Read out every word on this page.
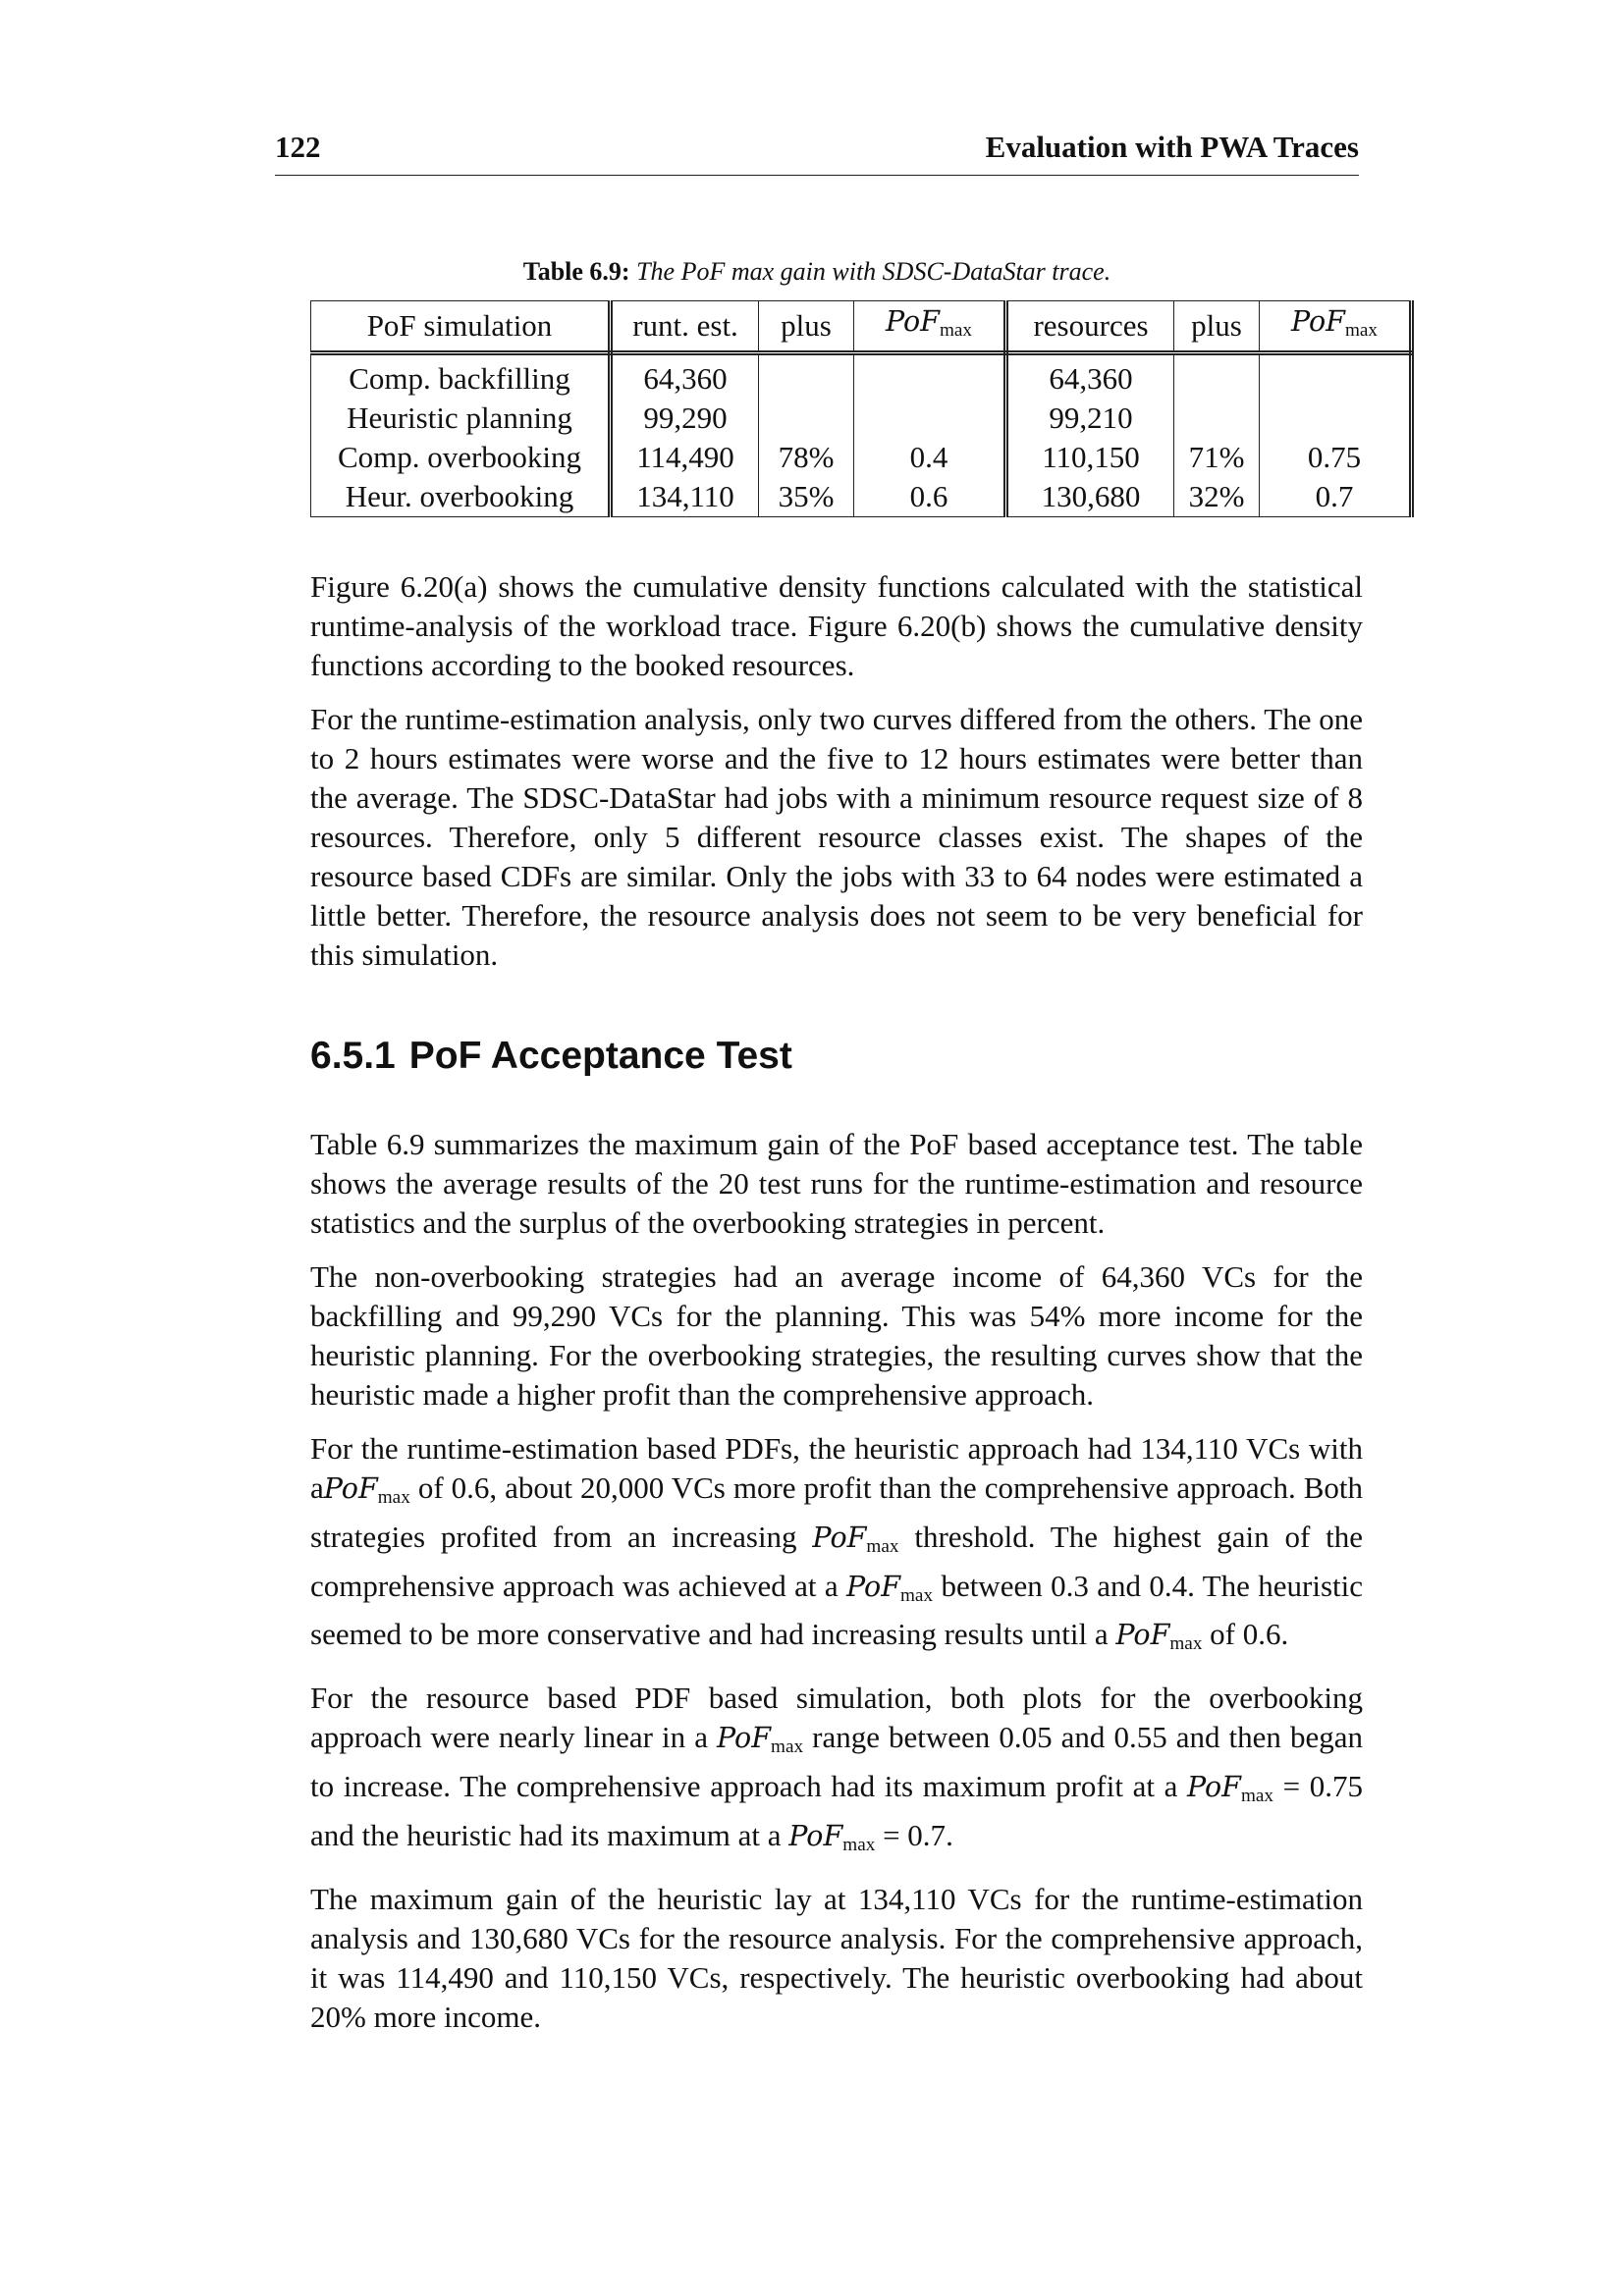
122	Evaluation with PWA Traces
Table 6.9: The PoF max gain with SDSC-DataStar trace.
PoF simulation	runt. est.	plus	PoF$_{max}$	resources	plus	PoF$_{max}$
Comp. backfilling	64,360			64,360		
Heuristic planning	99,290			99,210		
Comp. overbooking	114,490	78%	0.4	110,150	71%	0.75
Heur. overbooking	134,110	35%	0.6	130,680	32%	0.7

Figure 6.20(a) shows the cumulative density functions calculated with the statistical runtime-analysis of the workload trace. Figure 6.20(b) shows the cumulative density functions according to the booked resources.

For the runtime-estimation analysis, only two curves differed from the others. The one to 2 hours estimates were worse and the five to 12 hours estimates were better than the average. The SDSC-DataStar had jobs with a minimum resource request size of 8 resources. Therefore, only 5 different resource classes exist. The shapes of the resource based CDFs are similar. Only the jobs with 33 to 64 nodes were estimated a little better. Therefore, the resource analysis does not seem to be very beneficial for this simulation.

6.5.1 PoF Acceptance Test

Table 6.9 summarizes the maximum gain of the PoF based acceptance test. The table shows the average results of the 20 test runs for the runtime-estimation and resource statistics and the surplus of the overbooking strategies in percent.

The non-overbooking strategies had an average income of 64,360 VCs for the backfilling and 99,290 VCs for the planning. This was 54% more income for the heuristic planning. For the overbooking strategies, the resulting curves show that the heuristic made a higher profit than the comprehensive approach.

For the runtime-estimation based PDFs, the heuristic approach had 134,110 VCs with aPoF$_{max}$ of 0.6, about 20,000 VCs more profit than the comprehensive approach. Both strategies profited from an increasing PoF$_{max}$ threshold. The highest gain of the comprehensive approach was achieved at a PoF$_{max}$ between 0.3 and 0.4. The heuristic seemed to be more conservative and had increasing results until a PoF$_{max}$ of 0.6.

For the resource based PDF based simulation, both plots for the overbooking approach were nearly linear in a PoF$_{max}$ range between 0.05 and 0.55 and then began to increase. The comprehensive approach had its maximum profit at a PoF$_{max}$ = 0.75 and the heuristic had its maximum at a PoF$_{max}$ = 0.7.

The maximum gain of the heuristic lay at 134,110 VCs for the runtime-estimation analysis and 130,680 VCs for the resource analysis. For the comprehensive approach, it was 114,490 and 110,150 VCs, respectively. The heuristic overbooking had about 20% more income.
